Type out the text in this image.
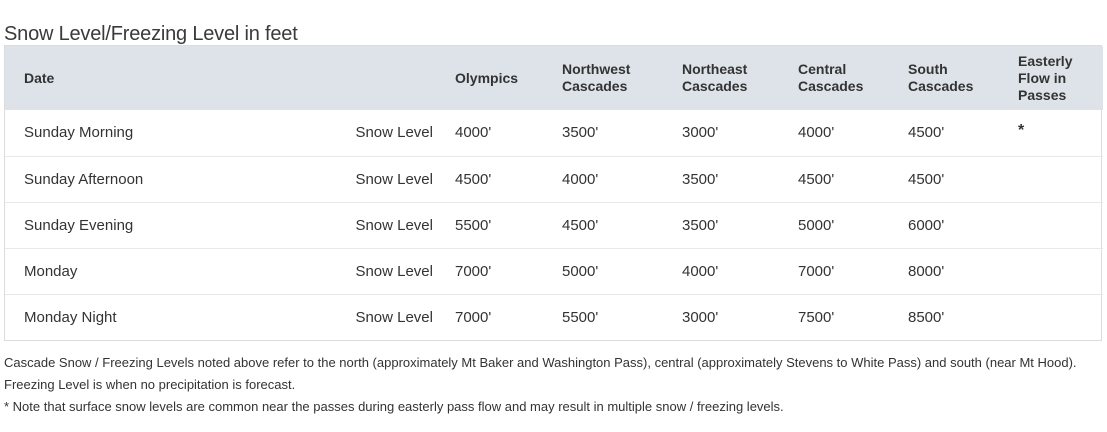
Snow Level/Freezing Level in feet
Date		Olympics	Northwest Cascades	Northeast Cascades	Central Cascades	South Cascades	Easterly Flow in Passes
Sunday Morning	Snow Level	4000'	3500'	3000'	4000'	4500'	*
Sunday Afternoon	Snow Level	4500'	4000'	3500'	4500'	4500'	
Sunday Evening	Snow Level	5500'	4500'	3500'	5000'	6000'	
Monday	Snow Level	7000'	5000'	4000'	7000'	8000'	
Monday Night	Snow Level	7000'	5500'	3000'	7500'	8500'	

Cascade Snow / Freezing Levels noted above refer to the north (approximately Mt Baker and Washington Pass), central (approximately Stevens to White Pass) and south (near Mt Hood). Freezing Level is when no precipitation is forecast.

* Note that surface snow levels are common near the passes during easterly pass flow and may result in multiple snow / freezing levels.
